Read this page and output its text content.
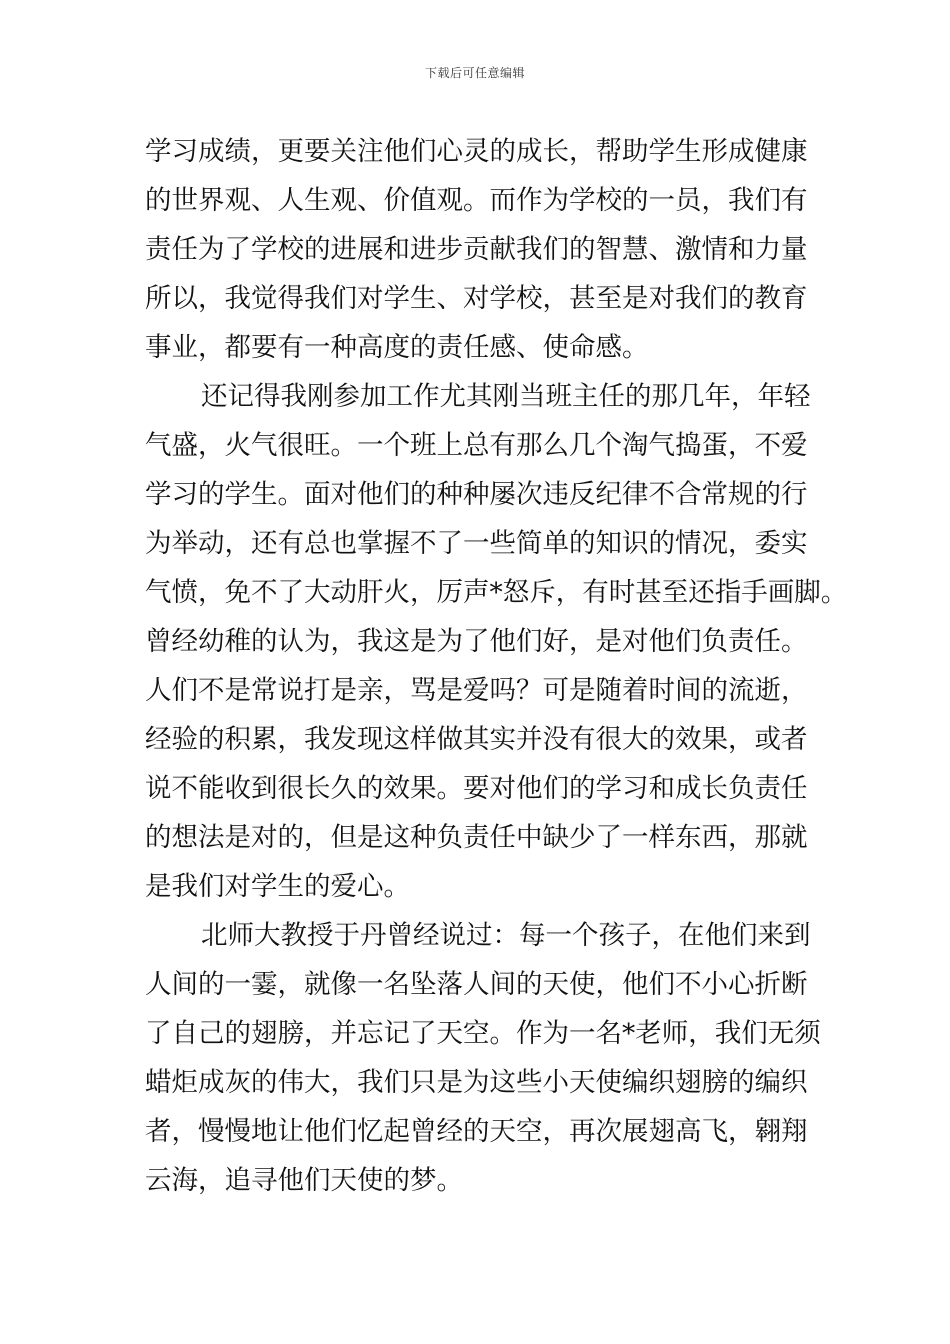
下载后可任意编辑
学习成绩，更要关注他们心灵的成长，帮助学生形成健康
的世界观、人生观、价值观。而作为学校的一员，我们有
责任为了学校的进展和进步贡献我们的智慧、激情和力量
所以，我觉得我们对学生、对学校，甚至是对我们的教育
事业，都要有一种高度的责任感、使命感。
还记得我刚参加工作尤其刚当班主任的那几年，年轻
气盛，火气很旺。一个班上总有那么几个淘气捣蛋，不爱
学习的学生。面对他们的种种屡次违反纪律不合常规的行
为举动，还有总也掌握不了一些简单的知识的情况，委实
气愤，免不了大动肝火，厉声*怒斥，有时甚至还指手画脚。
曾经幼稚的认为，我这是为了他们好，是对他们负责任。
人们不是常说打是亲，骂是爱吗？可是随着时间的流逝，
经验的积累，我发现这样做其实并没有很大的效果，或者
说不能收到很长久的效果。要对他们的学习和成长负责任
的想法是对的，但是这种负责任中缺少了一样东西，那就
是我们对学生的爱心。
北师大教授于丹曾经说过：每一个孩子，在他们来到
人间的一霎，就像一名坠落人间的天使，他们不小心折断
了自己的翅膀，并忘记了天空。作为一名*老师，我们无须
蜡炬成灰的伟大，我们只是为这些小天使编织翅膀的编织
者，慢慢地让他们忆起曾经的天空，再次展翅高飞，翱翔
云海，追寻他们天使的梦。
